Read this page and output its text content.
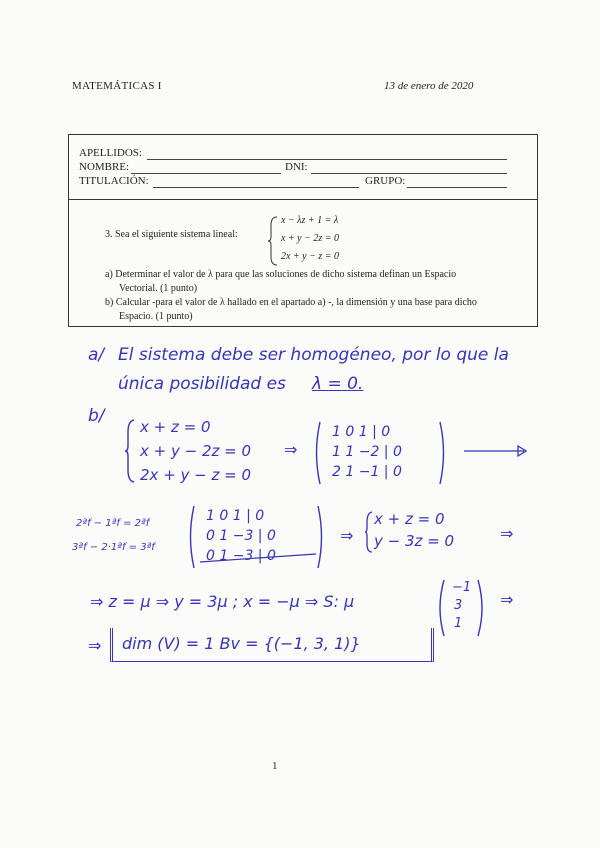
MATEMÁTICAS I	13 de enero de 2020
APELLIDOS:
NOMBRE:	DNI:
TITULACIÓN:	GRUPO:
3. Sea el siguiente sistema lineal:
x − λz + 1 = λ
x + y − 2z = 0
2x + y − z = 0
a) Determinar el valor de λ para que las soluciones de dicho sistema definan un Espacio
Vectorial. (1 punto)
b) Calcular -para el valor de λ hallado en el apartado a) -, la dimensión y una base para dicho
Espacio. (1 punto)
a/ El sistema debe ser homogéneo, por lo que la
única posibilidad es λ = 0.
b/
x + z = 0
x + y − 2z = 0
2x + y − z = 0
⇒
1 0 1 | 0
1 1 −2 | 0
2 1 −1 | 0
2ªf − 1ªf = 2ªf
3ªf − 2·1ªf = 3ªf
1 0 1 | 0
0 1 −3 | 0
0 1 −3 | 0
⇒
x + z = 0
y − 3z = 0	⇒
⇒ z = μ ⇒ y = 3μ ; x = −μ ⇒ S: μ
−1
3
1
⇒
⇒ dim (V) = 1 Bv = {(−1, 3, 1)}
1
